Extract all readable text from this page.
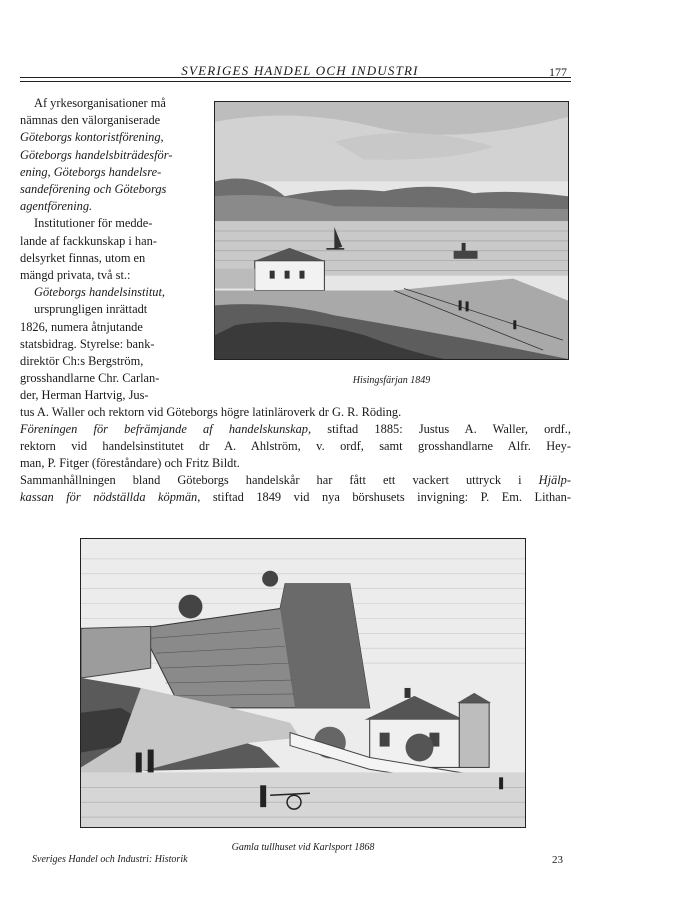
SVERIGES HANDEL OCH INDUSTRI	177

Af yrkesorganisationer må

nämnas den välorganiserade

Göteborgs kontoristförening,

Göteborgs handelsbiträdesför-

ening, Göteborgs handelsre-

sandeförening och Göteborgs

agentförening.

Institutioner för medde-

lande af fackkunskap i han-

delsyrket finnas, utom en

mängd privata, två st.:

Göteborgs handelsinstitut,

ursprungligen inrättadt

1826, numera åtnjutande

statsbidrag. Styrelse: bank-

direktör Ch:s Bergström,

grosshandlarne Chr. Carlan-

der, Herman Hartvig, Jus-

Hisingsfärjan 1849
tus A. Waller och rektorn vid Göteborgs högre latinläroverk dr G. R. Röding.
Föreningen för befrämjande af handelskunskap, stiftad 1885: Justus A. Waller, ordf.,
rektorn vid handelsinstitutet dr A. Ahlström, v. ordf, samt grosshandlarne Alfr. Hey-
man, P. Fitger (föreståndare) och Fritz Bildt.
Sammanhållningen bland Göteborgs handelskår har fått ett vackert uttryck i Hjälp-
kassan för nödställda köpmän, stiftad 1849 vid nya börshusets invigning: P. Em. Lithan-
Gamla tullhuset vid Karlsport 1868
Sveriges Handel och Industri: Historik	23
